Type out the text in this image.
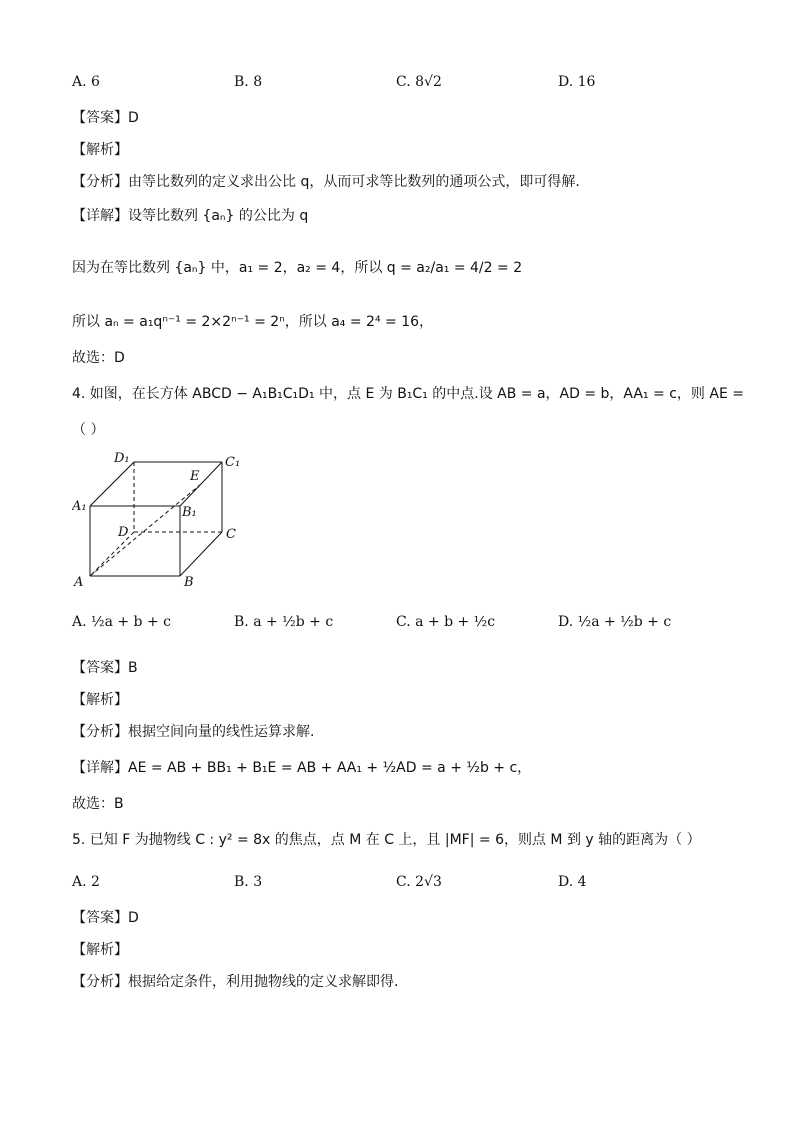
A. 6	B. 8	C. 8√2	D. 16
【答案】D
【解析】
【分析】由等比数列的定义求出公比 q，从而可求等比数列的通项公式，即可得解.
【详解】设等比数列 {aₙ} 的公比为 q
因为在等比数列 {aₙ} 中，a₁ = 2，a₂ = 4，所以 q = a₂/a₁ = 4/2 = 2
所以 aₙ = a₁qⁿ⁻¹ = 2×2ⁿ⁻¹ = 2ⁿ，所以 a₄ = 2⁴ = 16，
故选：D
4. 如图，在长方体 ABCD − A₁B₁C₁D₁ 中，点 E 为 B₁C₁ 的中点.设 AB = a，AD = b，AA₁ = c，则 AE =
（ ）
A	B
C
D
A₁	B₁
C₁
D₁
E
A. ½a + b + c	B. a + ½b + c	C. a + b + ½c	D. ½a + ½b + c
【答案】B
【解析】
【分析】根据空间向量的线性运算求解.
【详解】AE = AB + BB₁ + B₁E = AB + AA₁ + ½AD = a + ½b + c，
故选：B
5. 已知 F 为抛物线 C : y² = 8x 的焦点，点 M 在 C 上，且 |MF| = 6，则点 M 到 y 轴的距离为（ ）
A. 2	B. 3	C. 2√3	D. 4
【答案】D
【解析】
【分析】根据给定条件，利用抛物线的定义求解即得.
